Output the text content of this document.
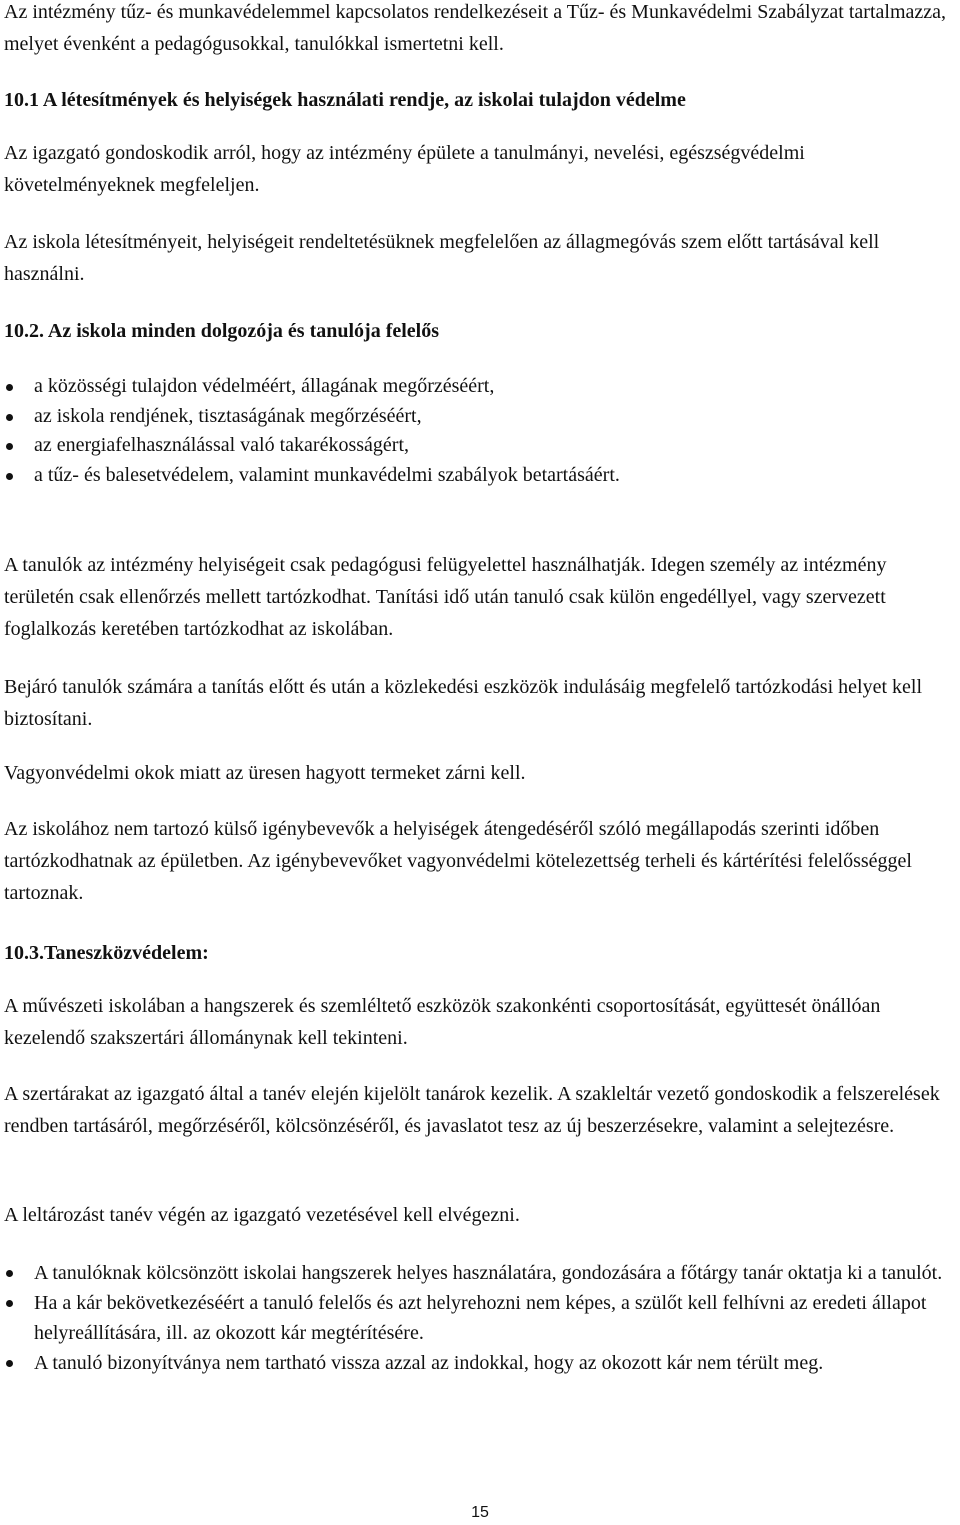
Az intézmény tűz- és munkavédelemmel kapcsolatos rendelkezéseit a Tűz- és Munkavédelmi Szabályzat tartalmazza, melyet évenként a pedagógusokkal, tanulókkal ismertetni kell.

10.1 A létesítmények és helyiségek használati rendje, az iskolai tulajdon védelme

Az igazgató gondoskodik arról, hogy az intézmény épülete a tanulmányi, nevelési, egészségvédelmi követelményeknek megfeleljen.

Az iskola létesítményeit, helyiségeit rendeltetésüknek megfelelően az állagmegóvás szem előtt tartásával kell használni.

10.2. Az iskola minden dolgozója és tanulója felelős

a közösségi tulajdon védelméért, állagának megőrzéséért,
az iskola rendjének, tisztaságának megőrzéséért,
az energiafelhasználással való takarékosságért,
a tűz- és balesetvédelem, valamint munkavédelmi szabályok betartásáért.

A tanulók az intézmény helyiségeit csak pedagógusi felügyelettel használhatják. Idegen személy az intézmény területén csak ellenőrzés mellett tartózkodhat. Tanítási idő után tanuló csak külön engedéllyel, vagy szervezett foglalkozás keretében tartózkodhat az iskolában.

Bejáró tanulók számára a tanítás előtt és után a közlekedési eszközök indulásáig megfelelő tartózkodási helyet kell biztosítani.

Vagyonvédelmi okok miatt az üresen hagyott termeket zárni kell.

Az iskolához nem tartozó külső igénybevevők a helyiségek átengedéséről szóló megállapodás szerinti időben tartózkodhatnak az épületben. Az igénybevevőket vagyonvédelmi kötelezettség terheli és kártérítési felelősséggel tartoznak.

10.3.Taneszközvédelem:

A művészeti iskolában a hangszerek és szemléltető eszközök szakonkénti csoportosítását, együttesét önállóan kezelendő szakszertári állománynak kell tekinteni.

A szertárakat az igazgató által a tanév elején kijelölt tanárok kezelik. A szakleltár vezető gondoskodik a felszerelések rendben tartásáról, megőrzéséről, kölcsönzéséről, és javaslatot tesz az új beszerzésekre, valamint a selejtezésre.

A leltározást tanév végén az igazgató vezetésével kell elvégezni.

A tanulóknak kölcsönzött iskolai hangszerek helyes használatára, gondozására a főtárgy tanár oktatja ki a tanulót.
Ha a kár bekövetkezéséért a tanuló felelős és azt helyrehozni nem képes, a szülőt kell felhívni az eredeti állapot helyreállítására, ill. az okozott kár megtérítésére.
A tanuló bizonyítványa nem tartható vissza azzal az indokkal, hogy az okozott kár nem térült meg.
15
